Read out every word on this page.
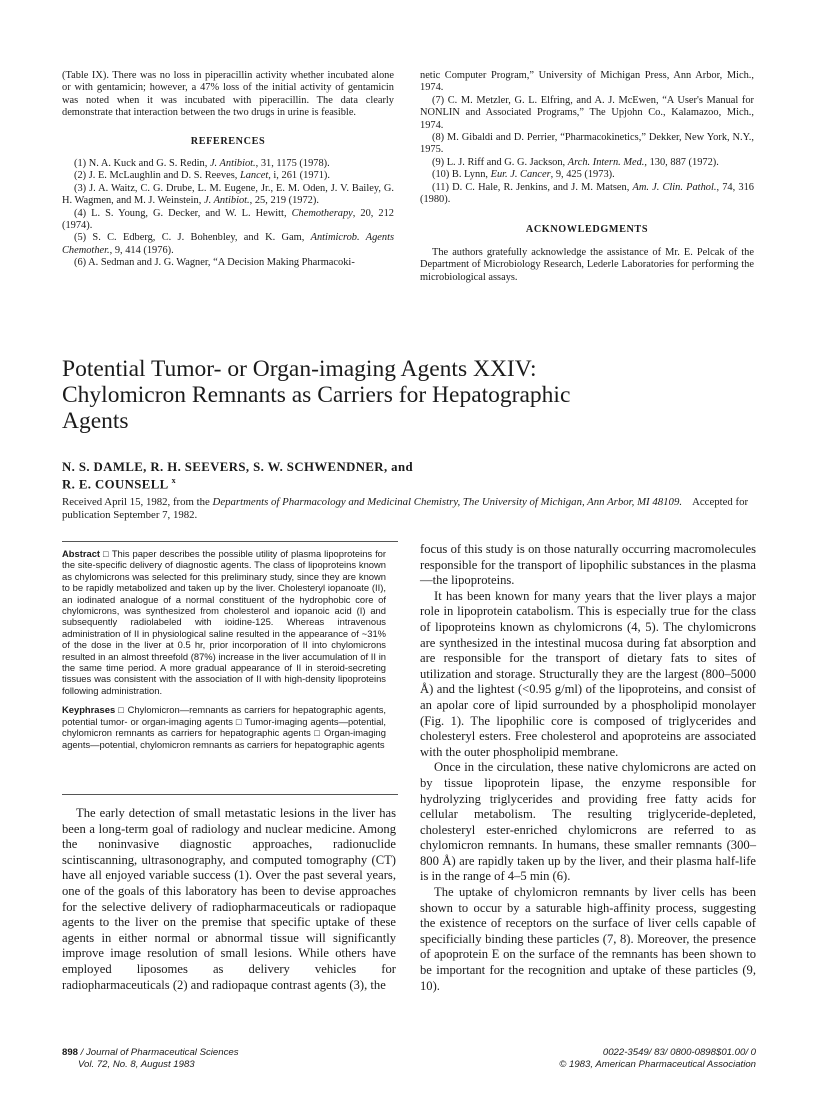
(Table IX). There was no loss in piperacillin activity whether incubated alone or with gentamicin; however, a 47% loss of the initial activity of gentamicin was noted when it was incubated with piperacillin. The data clearly demonstrate that interaction between the two drugs in urine is feasible.

REFERENCES

(1) N. A. Kuck and G. S. Redin, J. Antibiot., 31, 1175 (1978).

(2) J. E. McLaughlin and D. S. Reeves, Lancet, i, 261 (1971).

(3) J. A. Waitz, C. G. Drube, L. M. Eugene, Jr., E. M. Oden, J. V. Bailey, G. H. Wagmen, and M. J. Weinstein, J. Antibiot., 25, 219 (1972).

(4) L. S. Young, G. Decker, and W. L. Hewitt, Chemotherapy, 20, 212 (1974).

(5) S. C. Edberg, C. J. Bohenbley, and K. Gam, Antimicrob. Agents Chemother., 9, 414 (1976).

(6) A. Sedman and J. G. Wagner, “A Decision Making Pharmacoki-

netic Computer Program,” University of Michigan Press, Ann Arbor, Mich., 1974.

(7) C. M. Metzler, G. L. Elfring, and A. J. McEwen, “A User's Manual for NONLIN and Associated Programs,” The Upjohn Co., Kalamazoo, Mich., 1974.

(8) M. Gibaldi and D. Perrier, “Pharmacokinetics,” Dekker, New York, N.Y., 1975.

(9) L. J. Riff and G. G. Jackson, Arch. Intern. Med., 130, 887 (1972).

(10) B. Lynn, Eur. J. Cancer, 9, 425 (1973).

(11) D. C. Hale, R. Jenkins, and J. M. Matsen, Am. J. Clin. Pathol., 74, 316 (1980).

ACKNOWLEDGMENTS

The authors gratefully acknowledge the assistance of Mr. E. Pelcak of the Department of Microbiology Research, Lederle Laboratories for performing the microbiological assays.

Potential Tumor- or Organ-imaging Agents XXIV:
Chylomicron Remnants as Carriers for Hepatographic
Agents
N. S. DAMLE, R. H. SEEVERS, S. W. SCHWENDNER, and
R. E. COUNSELL $^x$
Received April 15, 1982, from the Departments of Pharmacology and Medicinal Chemistry, The University of Michigan, Ann Arbor, MI 48109. Accepted for publication September 7, 1982.

Abstract □ This paper describes the possible utility of plasma lipoproteins for the site-specific delivery of diagnostic agents. The class of lipoproteins known as chylomicrons was selected for this preliminary study, since they are known to be rapidly metabolized and taken up by the liver. Cholesteryl iopanoate (II), an iodinated analogue of a normal constituent of the hydrophobic core of chylomicrons, was synthesized from cholesterol and iopanoic acid (I) and subsequently radiolabeled with ioidine-125. Whereas intravenous administration of II in physiological saline resulted in the appearance of ~31% of the dose in the liver at 0.5 hr, prior incorporation of II into chylomicrons resulted in an almost threefold (87%) increase in the liver accumulation of II in the same time period. A more gradual appearance of II in steroid-secreting tissues was consistent with the association of II with high-density lipoproteins following administration.

Keyphrases □ Chylomicron—remnants as carriers for hepatographic agents, potential tumor- or organ-imaging agents □ Tumor-imaging agents—potential, chylomicron remnants as carriers for hepatographic agents □ Organ-imaging agents—potential, chylomicron remnants as carriers for hepatographic agents

The early detection of small metastatic lesions in the liver has been a long-term goal of radiology and nuclear medicine. Among the noninvasive diagnostic approaches, radionuclide scintiscanning, ultrasonography, and computed tomography (CT) have all enjoyed variable success (1). Over the past several years, one of the goals of this laboratory has been to devise approaches for the selective delivery of radiopharmaceuticals or radiopaque agents to the liver on the premise that specific uptake of these agents in either normal or abnormal tissue will significantly improve image resolution of small lesions. While others have employed liposomes as delivery vehicles for radiopharmaceuticals (2) and radiopaque contrast agents (3), the

focus of this study is on those naturally occurring macromolecules responsible for the transport of lipophilic substances in the plasma—the lipoproteins.

It has been known for many years that the liver plays a major role in lipoprotein catabolism. This is especially true for the class of lipoproteins known as chylomicrons (4, 5). The chylomicrons are synthesized in the intestinal mucosa during fat absorption and are responsible for the transport of dietary fats to sites of utilization and storage. Structurally they are the largest (800–5000 Å) and the lightest (<0.95 g/ml) of the lipoproteins, and consist of an apolar core of lipid surrounded by a phospholipid monolayer (Fig. 1). The lipophilic core is composed of triglycerides and cholesteryl esters. Free cholesterol and apoproteins are associated with the outer phospholipid membrane.

Once in the circulation, these native chylomicrons are acted on by tissue lipoprotein lipase, the enzyme responsible for hydrolyzing triglycerides and providing free fatty acids for cellular metabolism. The resulting triglyceride-depleted, cholesteryl ester-enriched chylomicrons are referred to as chylomicron remnants. In humans, these smaller remnants (300–800 Å) are rapidly taken up by the liver, and their plasma half-life is in the range of 4–5 min (6).

The uptake of chylomicron remnants by liver cells has been shown to occur by a saturable high-affinity process, suggesting the existence of receptors on the surface of liver cells capable of specificially binding these particles (7, 8). Moreover, the presence of apoprotein E on the surface of the remnants has been shown to be important for the recognition and uptake of these particles (9, 10).

898 / Journal of Pharmaceutical Sciences
Vol. 72, No. 8, August 1983
0022-3549/ 83/ 0800-0898$01.00/ 0
© 1983, American Pharmaceutical Association
